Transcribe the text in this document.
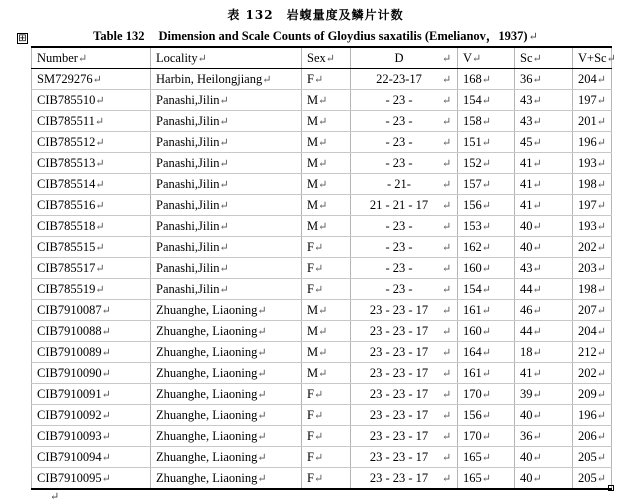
表 132　岩蝮量度及鳞片计数
Table 132 Dimension and Scale Counts of Gloydius saxatilis (Emelianov，1937)↵
⊞
Number↵	Locality↵	Sex↵	D ↵	V↵	Sc↵	V+Sc↵
SM729276↵	Harbin, Heilongjiang↵	F↵	22-23-17 ↵	168↵	36↵	204↵
CIB785510↵	Panashi,Jilin↵	M↵	- 23 - ↵	154↵	43↵	197↵
CIB785511↵	Panashi,Jilin↵	M↵	- 23 - ↵	158↵	43↵	201↵
CIB785512↵	Panashi,Jilin↵	M↵	- 23 - ↵	151↵	45↵	196↵
CIB785513↵	Panashi,Jilin↵	M↵	- 23 - ↵	152↵	41↵	193↵
CIB785514↵	Panashi,Jilin↵	M↵	- 21- ↵	157↵	41↵	198↵
CIB785516↵	Panashi,Jilin↵	M↵	21 - 21 - 17 ↵	156↵	41↵	197↵
CIB785518↵	Panashi,Jilin↵	M↵	- 23 - ↵	153↵	40↵	193↵
CIB785515↵	Panashi,Jilin↵	F↵	- 23 - ↵	162↵	40↵	202↵
CIB785517↵	Panashi,Jilin↵	F↵	- 23 - ↵	160↵	43↵	203↵
CIB785519↵	Panashi,Jilin↵	F↵	- 23 - ↵	154↵	44↵	198↵
CIB7910087↵	Zhuanghe, Liaoning↵	M↵	23 - 23 - 17 ↵	161↵	46↵	207↵
CIB7910088↵	Zhuanghe, Liaoning↵	M↵	23 - 23 - 17 ↵	160↵	44↵	204↵
CIB7910089↵	Zhuanghe, Liaoning↵	M↵	23 - 23 - 17 ↵	164↵	18↵	212↵
CIB7910090↵	Zhuanghe, Liaoning↵	M↵	23 - 23 - 17 ↵	161↵	41↵	202↵
CIB7910091↵	Zhuanghe, Liaoning↵	F↵	23 - 23 - 17 ↵	170↵	39↵	209↵
CIB7910092↵	Zhuanghe, Liaoning↵	F↵	23 - 23 - 17 ↵	156↵	40↵	196↵
CIB7910093↵	Zhuanghe, Liaoning↵	F↵	23 - 23 - 17 ↵	170↵	36↵	206↵
CIB7910094↵	Zhuanghe, Liaoning↵	F↵	23 - 23 - 17 ↵	165↵	40↵	205↵
CIB7910095↵	Zhuanghe, Liaoning↵	F↵	23 - 23 - 17 ↵	165↵	40↵	205↵
↵
